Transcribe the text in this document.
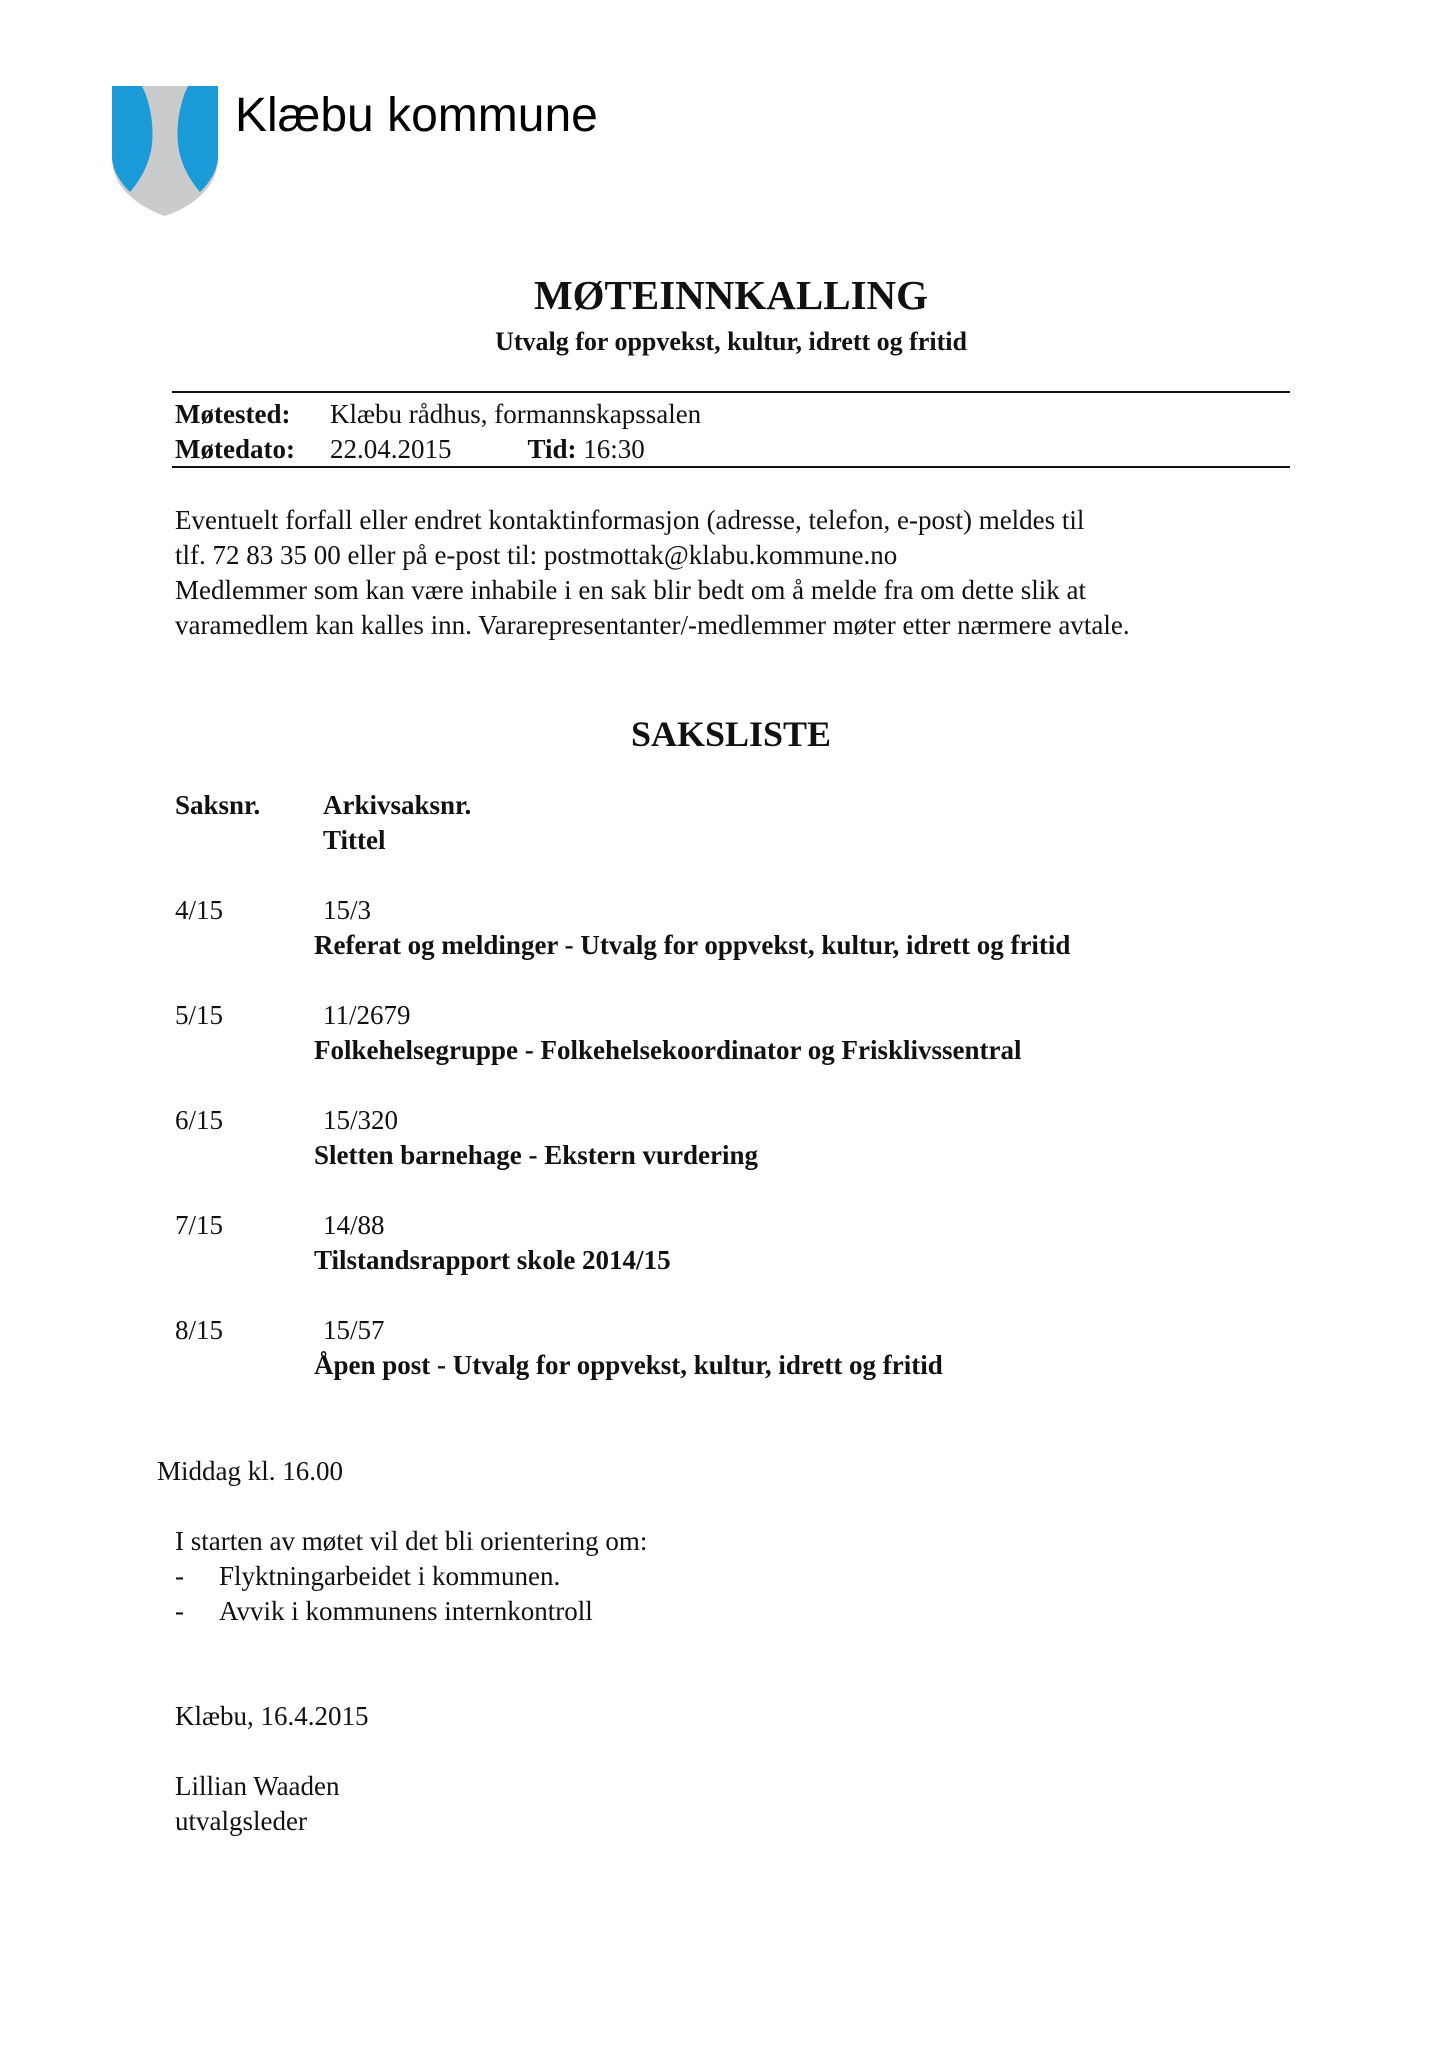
Klæbu kommune
MØTEINNKALLING
Utvalg for oppvekst, kultur, idrett og fritid
Møtested: Klæbu rådhus, formannskapssalen
Møtedato: 22.04.2015	Tid: 16:30

Eventuelt forfall eller endret kontaktinformasjon (adresse, telefon, e-post) meldes til

tlf. 72 83 35 00 eller på e-post til: postmottak@klabu.kommune.no

Medlemmer som kan være inhabile i en sak blir bedt om å melde fra om dette slik at

varamedlem kan kalles inn. Vararepresentanter/-medlemmer møter etter nærmere avtale.

SAKSLISTE
Saksnr. Arkivsaksnr.
Tittel
4/15	15/3
Referat og meldinger - Utvalg for oppvekst, kultur, idrett og fritid
5/15	11/2679
Folkehelsegruppe - Folkehelsekoordinator og Frisklivssentral
6/15	15/320
Sletten barnehage - Ekstern vurdering
7/15	14/88
Tilstandsrapport skole 2014/15
8/15	15/57
Åpen post - Utvalg for oppvekst, kultur, idrett og fritid
Middag kl. 16.00

I starten av møtet vil det bli orientering om:

- Flyktningarbeidet i kommunen.

- Avvik i kommunens internkontroll

Klæbu, 16.4.2015

Lillian Waaden

utvalgsleder
